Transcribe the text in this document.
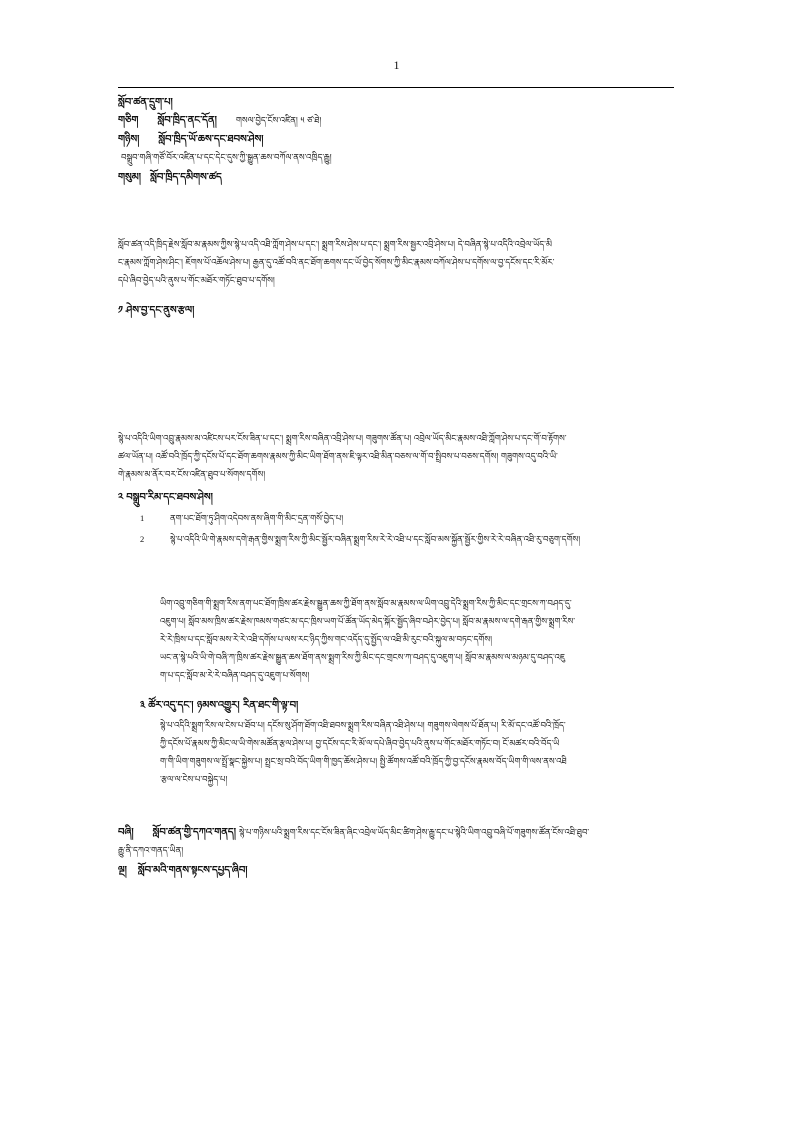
1
སློབ་ཚན་དྲུག་པ།
གཅིག སློབ་ཁྲིད་ནང་དོན། གསལ་བྱེད་ངོས་འཛིན། ༥ ཙ་ཐེ།
གཉིས། སློབ་ཁྲིད་ཡོ་ཆས་དང་ཐབས་ཤེས།
བསྒྲུབ་གཞི་གཙོ་བོར་འཛིན་པ་དང་དེང་དུས་ཀྱི་སྒྱུན་ཆས་བཀོལ་ནས་འཁྲིད་རྒྱུ།
གསུམ། སློབ་ཁྲིད་དམིགས་ཚད
སློབ་ཚན་འདི་ཁྲིད་རྗེས་སློབ་མ་རྣམས་ཀྱིས་སྙེ་པ་འདི་འཐི་ཀློག་ཤེས་པ་དང་། སྨྲག་རིས་ཤེས་པ་དང་། སྨྲག་རིས་སྦྱར་འབྲི་ཤེས་པ། དེ་བཞིན་སྙེ་པ་འདིའི་འབྲེལ་ཡོད་མི
ང་རྣམས་ཀློག་ཤེས་ཤིང་། ཇོགས་པོ་འཆོལ་ཤེས་པ། རྒྱན་དུ་འཚོ་བའི་ནང་ཐོག་ཆགས་དང་ཡོ་བྱེད་སོགས་ཀྱི་མིང་རྣམས་བཀོལ་ཤེས་པ་དགོས་ལ་བྱ་དངོས་དང་རི་མོར་
དཔེ་ཞིབ་བྱེད་པའི་ནུས་པ་གོང་མཐོར་གཏོང་ཐུབ་པ་དགོས།
༡ ཤེས་བྱ་དང་ནུས་རྩལ།
སྙེ་པ་འདིའི་ཡིག་འབྲུ་རྣམས་མ་འཛིངས་པར་ངོས་ཟིན་པ་དང་། སྨྲག་རིས་བཞིན་འབྲི་ཤེས་པ། གཟུགས་ཚོན་པ། འབྲེལ་ཡོད་མིང་རྣམས་འཐི་ཀློག་ཤེས་པ་དང་གོ་བ་རྟོགས་
ཚལ་ཡོན་པ། འཚོ་བའི་ཁྲོད་ཀྱི་དངོས་པོ་དང་ཐོག་ཆགས་རྣམས་ཀྱི་མིང་ཡིག་ཐོག་ནས་ཇི་ལྟར་འཐི་མིན་བཅས་ལ་གོ་བ་སྤྲིབས་པ་བཅས་དགོས། གཟུགས་འདུ་བའི་ཡི་
གེ་རྣམས་མ་ནོར་བར་ངོས་འཛིན་ཐུབ་པ་སོགས་དགོས།
༢ བསྒྲུབ་རིམ་དང་ཐབས་ཤེས།
1	ནག་པང་ཐོག་ཏུ་ཤིག་འདེབས་ནས་ཞིག་གི་མིང་དྲན་གསོ་བྱེད་པ།
2	སྙེ་པ་འདིའི་ཡི་གེ་རྣམས་དགེ་རྒན་གྱིས་སྨྲག་རིས་ཀྱི་མིང་སྦྱོར་བཞིན་སྨྲག་རིས་རེ་རེ་འཐི་པ་དང་སློབ་མས་སྐྱོན་སྦྱོར་གྱིས་རེ་རེ་བཞིན་འཐི་རུ་བཅུག་དགོས།
ཡིག་འབྲུ་གཅིག་གི་སྨྲག་རིས་ནག་པང་ཐོག་ཁྲིས་ཚར་རྗེས་སྒྱུན་ཆས་ཀྱི་ཐོག་ནས་སློབ་མ་རྣམས་ལ་ཡིག་འབྲུ་དེའི་སྨྲག་རིས་ཀྱི་མིང་དང་གྲངས་ཀ་བཤད་དུ་
འཇུག་པ། སློབ་མས་ཁྲིས་ཚར་རྗེས་ཁམས་གཙང་མ་དང་ཁྲིས་ཡག་པོ་ཚོན་ཡོད་མེད་སྐོར་སྦྱོད་ཞིབ་བཤེར་བྱེད་པ། སློབ་མ་རྣམས་ལ་དགེ་རྒན་གྱིས་སྨྲག་རིས་
རེ་རེ་ཁྲིས་པ་དང་སློབ་མས་རེ་རེ་འཐི་དགོས་པ་ལས་རང་ཉིད་ཀྱིས་གང་འདོད་དུ་སྤྱོད་ལ་འཐི་མི་རུང་བའི་སྐུལ་མ་བཏང་དགོས།
ཡང་ན་སྙེ་པའི་ཡི་གེ་བཞི་ཀ་ཁྲིས་ཚར་རྗེས་སྒྱུན་ཆས་ཐོག་ནས་སྨྲག་རིས་ཀྱི་མིང་དང་གྲངས་ཀ་བཤད་དུ་འཇུག་པ། སློབ་མ་རྣམས་ལ་མཉམ་དུ་བཤད་འཇུ
ག་པ་དང་སློབ་མ་རེ་རེ་བཞིན་བཤད་དུ་འཇུག་པ་སོགས།
༣ ཚོར་འདུ་དང་། ཉམས་འགྱུར། རིན་ཐང་གི་ལྟ་བ།
སྙེ་པ་འདིའི་སྨྲག་རིས་ལ་ངེས་པ་ཐོབ་པ། དངོས་སུ་ཤོག་ཐོག་འཐི་ཐབས་སྨྲག་རིས་བཞིན་འཐི་ཤེས་པ། གཟུགས་ལེགས་པོ་ཐོན་པ། རི་མོ་དང་འཚོ་བའི་ཁྲོད་
ཀྱི་དངོས་པོ་རྣམས་ཀྱི་མིང་ལ་ཡི་གེས་མཚོན་རྩལ་ཤེས་པ། བྱ་དངོས་དང་རི་མོ་ལ་དཔེ་ཞིབ་བྱེད་པའི་ནུས་པ་གོང་མཐོར་གཏོང་བ། ངོ་མཚར་བའི་བོད་ཡི
ག་གི་ཡིག་གཟུགས་ལ་སྤྲོ་སྣང་སྐྱེས་པ། སྤྲང་སྲ་བའི་བོད་ཡིག་གི་ཁྱད་ཆོས་ཤེས་པ། སྤྱི་ཚོགས་འཚོ་བའི་ཁྲོད་ཀྱི་བྱ་དངོས་རྣམས་བོད་ཡིག་གི་ལས་ནས་འཐི
་རྩལ་ལ་ངེས་པ་བསྐྱེད་པ།
བཞི། སློབ་ཚན་གྱི་དཀའ་གནད། སྙེ་པ་གཉིས་པའི་སྨྲག་རིས་དང་ངོས་ཟིན་ཞིང་འབྲེལ་ཡོད་མིང་ཚིག་ཤེས་རྒྱུ་དང་པ་སྙེའི་ཡིག་འབྲུ་བཞི་པོ་གཟུགས་ཚོན་ངོས་འཐི་ཐུབ་
རྒྱུ་ནི་དཀའ་གནད་ཡིན།
ལྔ། སློབ་མའི་གནས་སྟངས་དཔྱད་ཞིབ།
